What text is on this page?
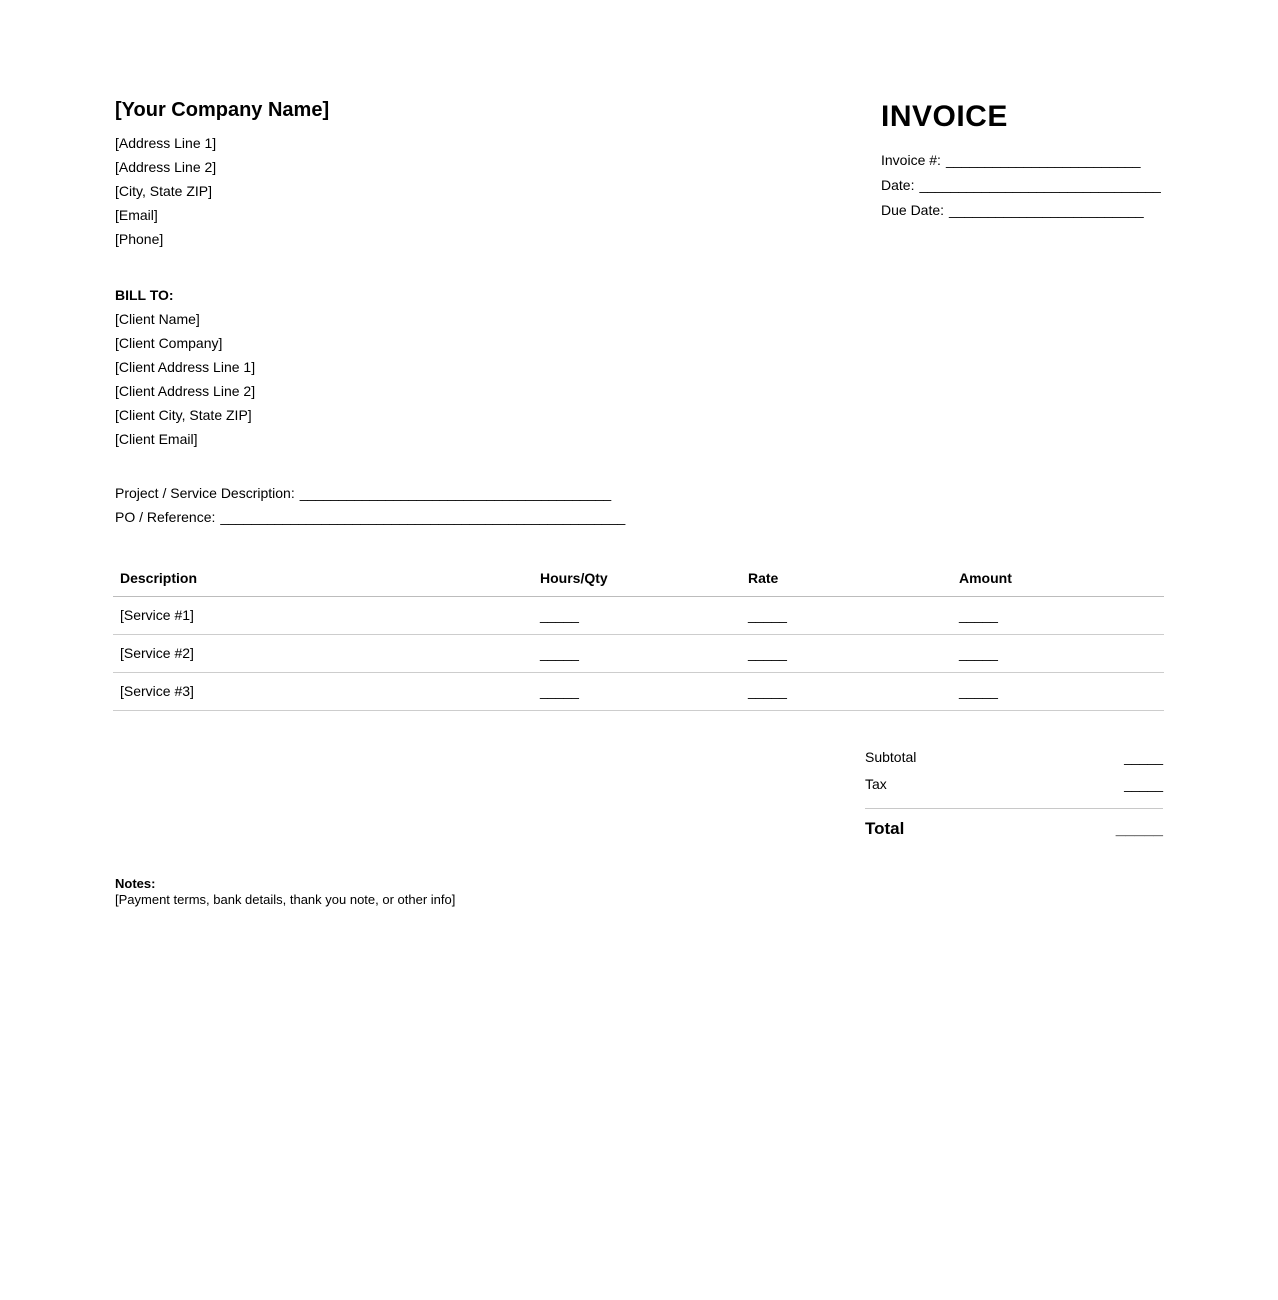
[Your Company Name]
[Address Line 1]
[Address Line 2]
[City, State ZIP]
[Email]
[Phone]
INVOICE
Invoice #: _________________________
Date: _______________________________
Due Date: _________________________
BILL TO:
[Client Name]
[Client Company]
[Client Address Line 1]
[Client Address Line 2]
[Client City, State ZIP]
[Client Email]
Project / Service Description: ________________________________________
PO / Reference: ____________________________________________________
Description	Hours/Qty	Rate	Amount
[Service #1]	_____	_____	_____
[Service #2]	_____	_____	_____
[Service #3]	_____	_____	_____
Subtotal	_____
Tax	_____
Total	_____
Notes:
[Payment terms, bank details, thank you note, or other info]
